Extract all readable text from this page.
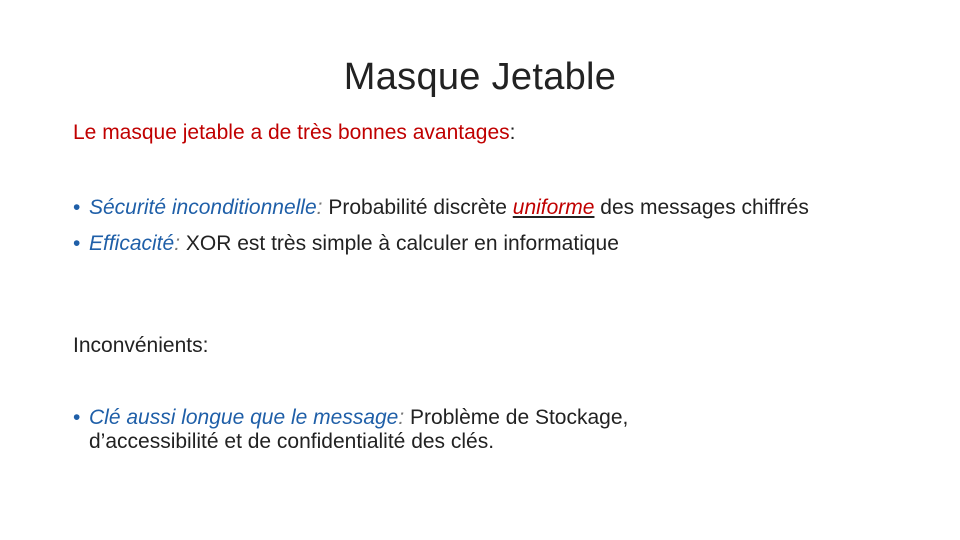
Masque Jetable
Le masque jetable a de très bonnes avantages:
• Sécurité inconditionnelle: Probabilité discrète uniforme des messages chiffrés
• Efficacité: XOR est très simple à calculer en informatique
Inconvénients:
• Clé aussi longue que le message: Problème de Stockage, d’accessibilité et de confidentialité des clés.
